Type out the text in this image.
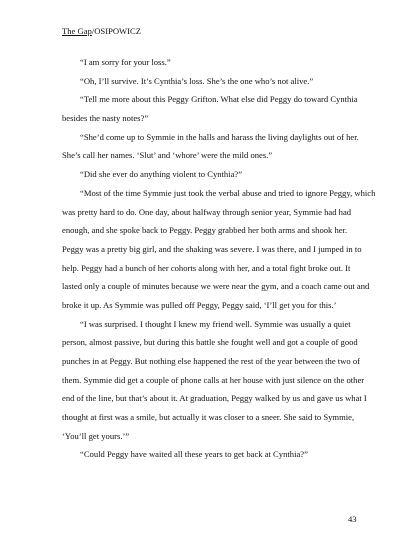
The Gap/OSIPOWICZ
“I am sorry for your loss.”
“Oh, I’ll survive. It’s Cynthia’s loss. She’s the one who’s not alive.”
“Tell me more about this Peggy Grifton. What else did Peggy do toward Cynthia
besides the nasty notes?”
“She’d come up to Symmie in the halls and harass the living daylights out of her.
She’s call her names. ‘Slut’ and ‘whore’ were the mild ones.”
“Did she ever do anything violent to Cynthia?”
“Most of the time Symmie just took the verbal abuse and tried to ignore Peggy, which
was pretty hard to do. One day, about halfway through senior year, Symmie had had
enough, and she spoke back to Peggy. Peggy grabbed her both arms and shook her.
Peggy was a pretty big girl, and the shaking was severe. I was there, and I jumped in to
help. Peggy had a bunch of her cohorts along with her, and a total fight broke out. It
lasted only a couple of minutes because we were near the gym, and a coach came out and
broke it up. As Symmie was pulled off Peggy, Peggy said, ‘I’ll get you for this.’
“I was surprised. I thought I knew my friend well. Symmie was usually a quiet
person, almost passive, but during this battle she fought well and got a couple of good
punches in at Peggy. But nothing else happened the rest of the year between the two of
them. Symmie did get a couple of phone calls at her house with just silence on the other
end of the line, but that’s about it. At graduation, Peggy walked by us and gave us what I
thought at first was a smile, but actually it was closer to a sneer. She said to Symmie,
‘You’ll get yours.’”
“Could Peggy have waited all these years to get back at Cynthia?”
43
